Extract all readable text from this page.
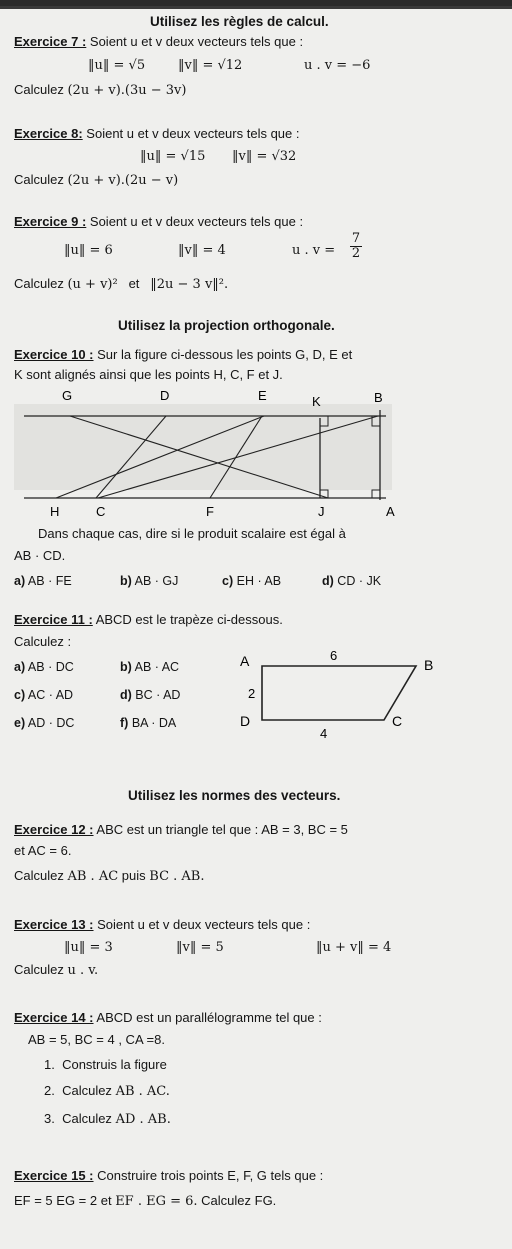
Utilisez les règles de calcul.
Exercice 7 : Soient u et v deux vecteurs tels que :
‖u‖ = √5	‖v‖ = √12	u . v = −6
Calculez (2u + v).(3u − 3v)
Exercice 8: Soient u et v deux vecteurs tels que :
‖u‖ = √15 ‖v‖ = √32
Calculez (2u + v).(2u − v)
Exercice 9 : Soient u et v deux vecteurs tels que :
‖u‖ = 6	‖v‖ = 4	u . $v = \frac{7}{2}$
Calculez (u + v)² et ‖2u − 3 v‖².
Utilisez la projection orthogonale.
Exercice 10 : Sur la figure ci-dessous les points G, D, E et
K sont alignés ainsi que les points H, C, F et J.
G	D	E	K	B
H	C	F	J	A
Dans chaque cas, dire si le produit scalaire est égal à
AB · CD.
a) AB · FE	b) AB · GJ	c) EH · AB	d) CD · JK
Exercice 11 : ABCD est le trapèze ci-dessous.
Calculez :
a) AB · DC	b) AB · AC
c) AC · AD	d) BC · AD
e) AD · DC	f) BA · DA
A	B
C
D
6
2
4
Utilisez les normes des vecteurs.
Exercice 12 : ABC est un triangle tel que : AB = 3, BC = 5
et AC = 6.
Calculez AB . AC puis BC . AB.
Exercice 13 : Soient u et v deux vecteurs tels que :
‖u‖ = 3	‖v‖ = 5	‖u + v‖ = 4
Calculez u . v.
Exercice 14 : ABCD est un parallélogramme tel que :
AB = 5, BC = 4 , CA =8.
1. Construis la figure
2. Calculez AB . AC.
3. Calculez AD . AB.
Exercice 15 : Construire trois points E, F, G tels que :
EF = 5 EG = 2 et EF . EG = 6. Calculez FG.
